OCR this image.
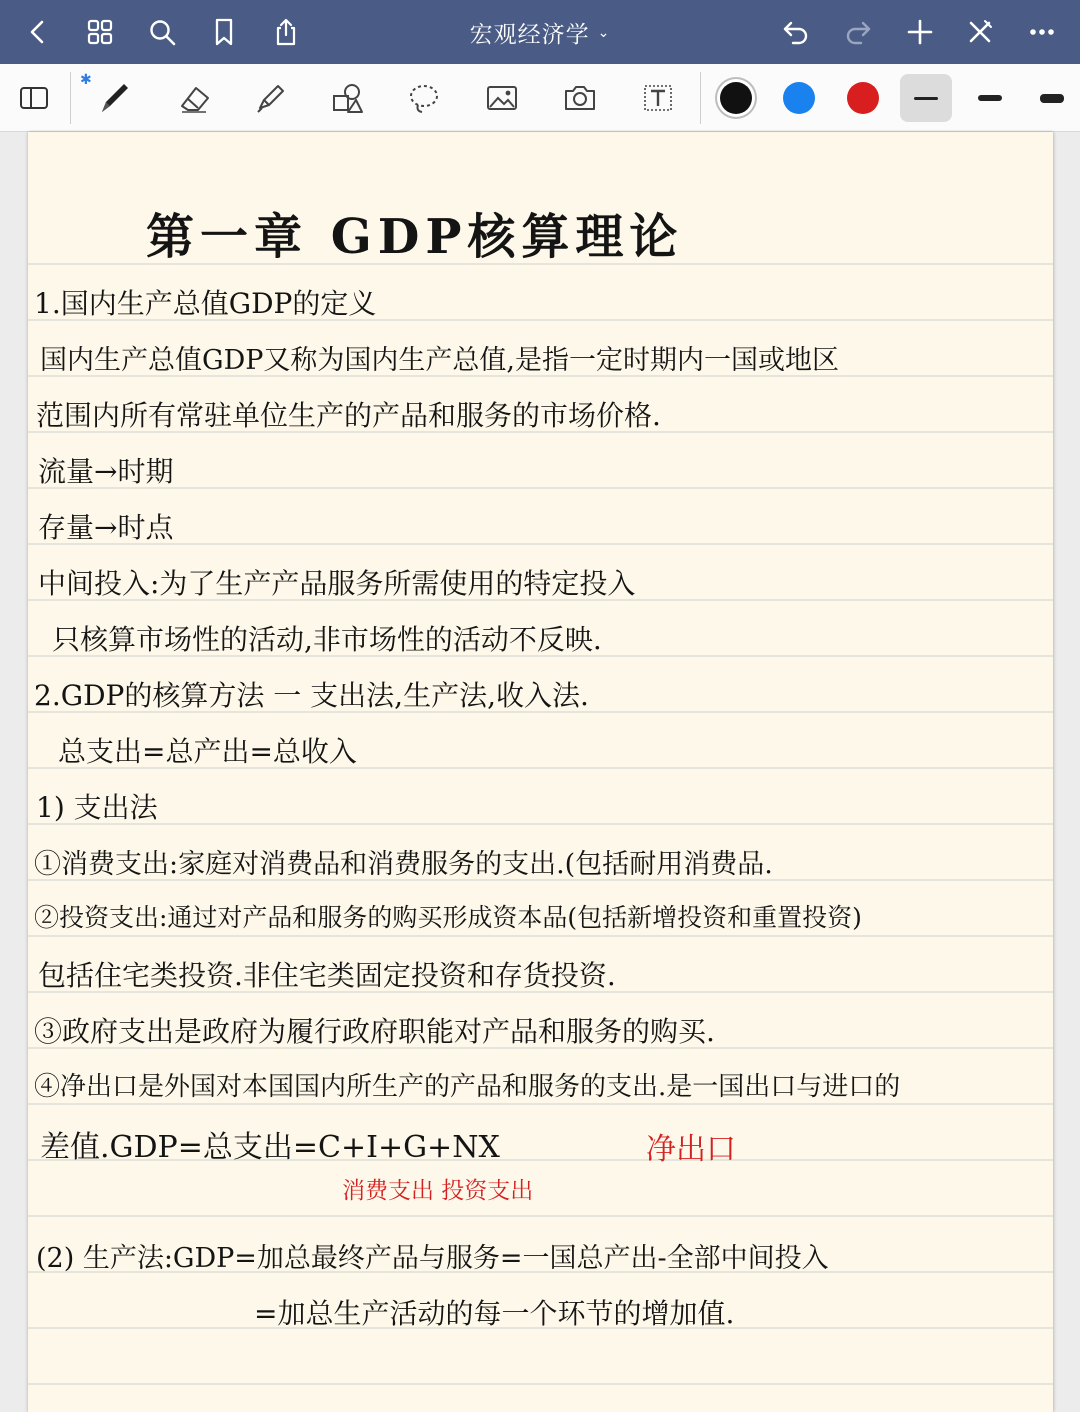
宏观经济学 ⌄
✱
第一章 GDP核算理论
1.国内生产总值GDP的定义
国内生产总值GDP又称为国内生产总值,是指一定时期内一国或地区
范围内所有常驻单位生产的产品和服务的市场价格.
流量→时期
存量→时点
中间投入:为了生产产品服务所需使用的特定投入
只核算市场性的活动,非市场性的活动不反映.
2.GDP的核算方法 一 支出法,生产法,收入法.
总支出=总产出=总收入
1) 支出法
①消费支出:家庭对消费品和消费服务的支出.(包括耐用消费品.
②投资支出:通过对产品和服务的购买形成资本品(包括新增投资和重置投资)
包括住宅类投资.非住宅类固定投资和存货投资.
③政府支出是政府为履行政府职能对产品和服务的购买.
④净出口是外国对本国国内所生产的产品和服务的支出.是一国出口与进口的
差值.GDP=总支出=C+I+G+NX	净出口
消费支出 投资支出
(2) 生产法:GDP=加总最终产品与服务=一国总产出-全部中间投入
=加总生产活动的每一个环节的增加值.
